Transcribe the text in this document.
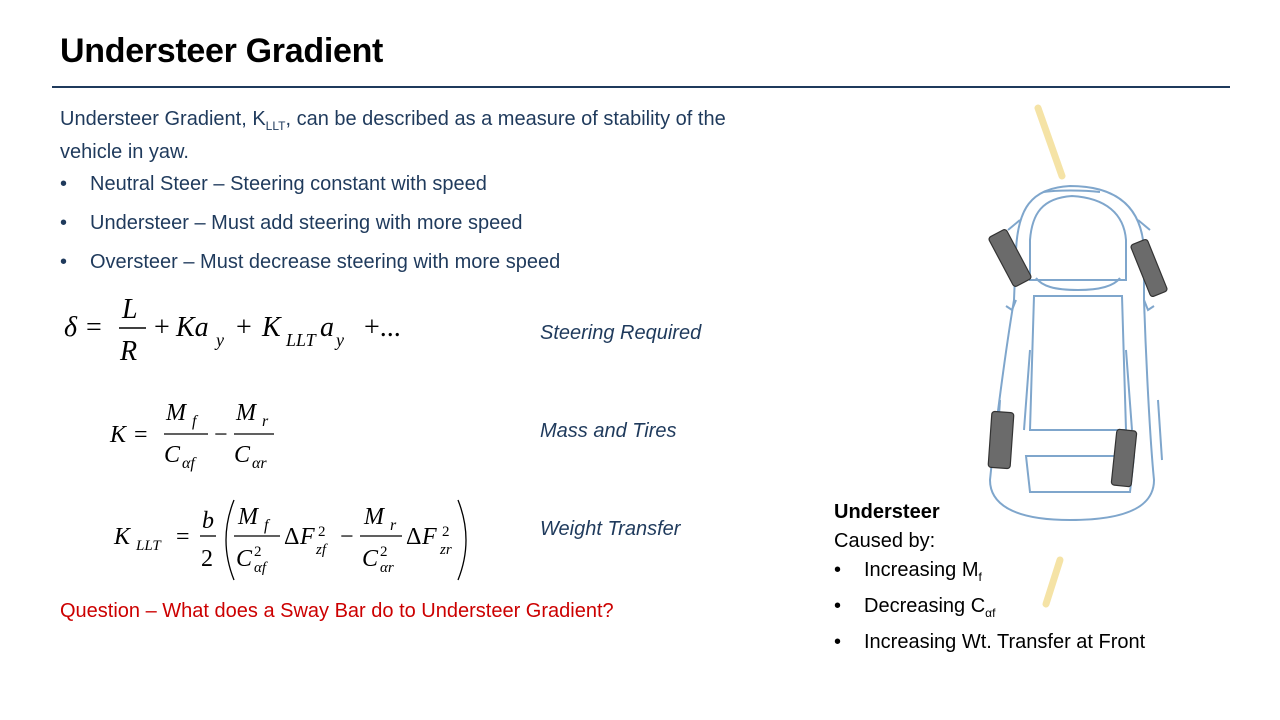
Understeer Gradient
Understeer Gradient, $K_{LLT}$, can be described as a measure of stability of the vehicle in yaw.
• Neutral Steer – Steering constant with speed
• Understeer – Must add steering with more speed
• Oversteer – Must decrease steering with more speed
δ =
L
R
+ Ka y + K LLT a y +...	Steering Required
K =
M f
C αf
−
M r
C αr
Mass and Tires
K LLT =
b
2
M f
C 2
αf
Δ F 2
zf −
M r
C 2
αr
Δ F 2
zr
Weight Transfer
Question – What does a Sway Bar do to Understeer Gradient?
Understeer
Caused by:
• Increasing $M_f$
• Decreasing $C_{\alpha f}$
• Increasing Wt. Transfer at Front
